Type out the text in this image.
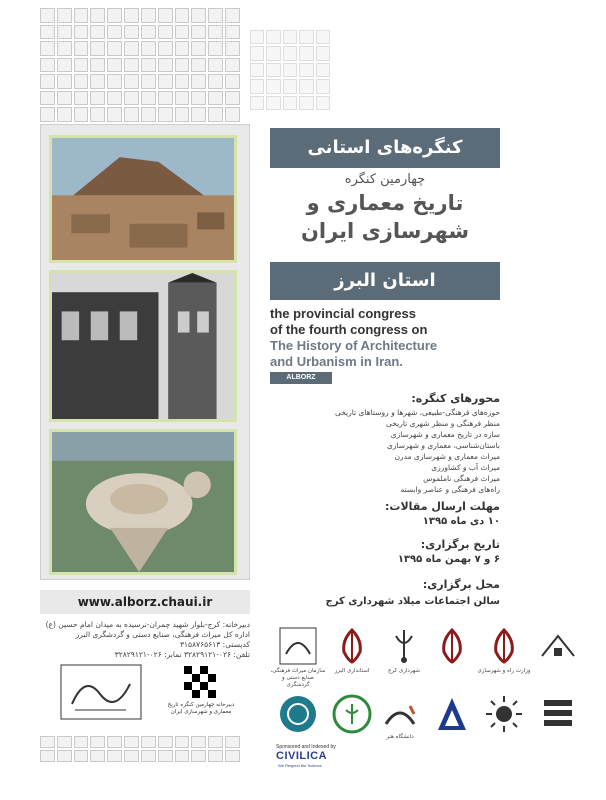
www.alborz.chaui.ir
دبیرخانه: کرج-بلوار شهید چمران-نرسیده به میدان امام حسین (ع)
اداره کل میراث فرهنگی، صنایع دستی و گردشگری البرز
کدپستی: ۳۱۵۸۷۶۵۶۱۳
تلفن: ۰۲۶-۳۲۸۲۹۱۲۱ نمابر: ۰۲۶-۳۲۸۲۹۱۲۱
دبیرخانه چهارمین کنگره تاریخ معماری و شهرسازی ایران
کنگره‌های استانی
چهارمین کنگره
تاریخ معماری و
شهرسازی ایران
استان البرز
the provincial congress
of the fourth congress on
The History of Architecture
and Urbanism in Iran.
ALBORZ
محورهای کنگره:
حوزه‌های فرهنگی-طبیعی، شهرها و روستاهای تاریخی
منظر فرهنگی و منظر شهری تاریخی
سازه در تاریخ معماری و شهرسازی
باستان‌شناسی، معماری و شهرسازی
میراث معماری و شهرسازی مدرن
میراث آب و کشاورزی
میراث فرهنگی ناملموس
راه‌های فرهنگی و عناصر وابسته
مهلت ارسال مقالات:
۱۰ دی ماه ۱۳۹۵
تاریخ برگزاری:
۶ و ۷ بهمن ماه ۱۳۹۵
محل برگزاری:
سالن اجتماعات میلاد شهرداری کرج
سازمان میراث فرهنگی، صنایع دستی و گردشگری
استانداری البرز	شهرداری کرج	وزارت راه و شهرسازی
دانشگاه هنر
Sponsored and Indexed by
CIVILICA
We Respect the Science
